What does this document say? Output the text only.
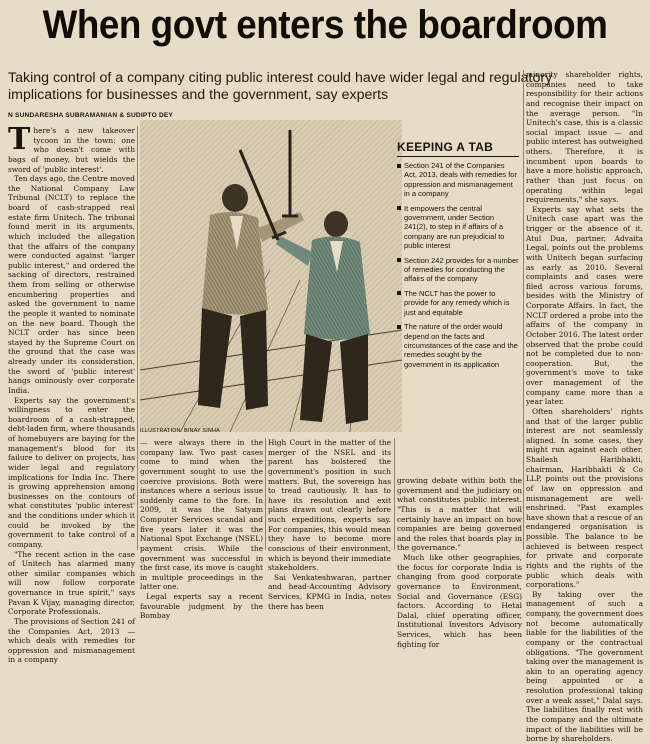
When govt enters the boardroom
Taking control of a company citing public interest could have wider legal and regulatory implications for businesses and the government, say experts
N SUNDARESHA SUBRAMANIAN & SUDIPTO DEY

There's a new takeover tycoon in the town: one who doesn't come with bags of money, but wields the sword of 'public interest'.

Ten days ago, the Centre moved the National Company Law Tribunal (NCLT) to replace the board of cash-strapped real estate firm Unitech. The tribunal found merit in its arguments, which included the allegation that the affairs of the company were conducted against "larger public interest," and ordered the sacking of directors, restrained them from selling or otherwise encumbering properties and asked the government to name the people it wanted to nominate on the new board. Though the NCLT order has since been stayed by the Supreme Court on the ground that the case was already under its consideration, the sword of 'public interest' hangs ominously over corporate India.

Experts say the government's willingness to enter the boardroom of a cash-strapped, debt-laden firm, where thousands of homebuyers are baying for the management's blood for its failure to deliver on projects, has wider legal and regulatory implications for India Inc. There is growing apprehension among businesses on the contours of what constitutes 'public interest' and the conditions under which it could be invoked by the government to take control of a company.

"The recent action in the case of Unitech has alarmed many other similar companies which will now follow corporate governance in true spirit," says Pavan K Vijay, managing director, Corporate Professionals.

The provisions of Section 241 of the Companies Act, 2013 — which deals with remedies for oppression and mismanagement in a company

ILLUSTRATION: BINAY SINHA
KEEPING A TAB
Section 241 of the Companies Act, 2013, deals with remedies for oppression and mismanagement in a company
It empowers the central government, under Section 241(2), to step in if affairs of a company are run prejudicial to public interest
Section 242 provides for a number of remedies for conducting the affairs of the company
The NCLT has the power to provide for any remedy which is just and equitable
The nature of the order would depend on the facts and circumstances of the case and the remedies sought by the government in its application

— were always there in the company law. Two past cases come to mind when the government sought to use the coercive provisions. Both were instances where a serious issue suddenly came to the fore. In 2009, it was the Satyam Computer Services scandal and five years later it was the National Spot Exchange (NSEL) payment crisis. While the government was successful in the first case, its move is caught in multiple proceedings in the latter one.

Legal experts say a recent favourable judgment by the Bombay

High Court in the matter of the merger of the NSEL and its parent has bolstered the government's position in such matters. But, the sovereign has to tread cautiously. It has to have its resolution and exit plans drawn out clearly before such expeditions, experts say. For companies, this would mean they have to become more conscious of their environment, which is beyond their immediate stakeholders.

Sai Venkateshwaran, partner and head-Accounting Advisory Services, KPMG in India, notes there has been

growing debate within both the government and the judiciary on what constitutes public interest. "This is a matter that will certainly have an impact on how companies are being governed and the roles that boards play in the governance."

Much like other geographies, the focus for corporate India is changing from good corporate governance to Environment, Social and Governance (ESG) factors. According to Hetal Dalal, chief operating officer, Institutional Investors Advisory Services, which has been fighting for

minority shareholder rights, companies need to take responsibility for their actions and recognise their impact on the average person. "In Unitech's case, this is a classic social impact issue — and public interest has outweighed others. Therefore, it is incumbent upon boards to have a more holistic approach, rather than just focus on operating within legal requirements," she says.

Experts say what sets the Unitech case apart was the trigger or the absence of it. Atul Dua, partner, Advaita Legal, points out the problems with Unitech began surfacing as early as 2010. Several complaints and cases were filed across various forums, besides with the Ministry of Corporate Affairs. In fact, the NCLT ordered a probe into the affairs of the company in October 2016. The latest order observed that the probe could not be completed due to non-cooperation. But, the government's move to take over management of the company came more than a year later.

Often shareholders' rights and that of the larger public interest are not seamlessly aligned. In some cases, they might run against each other. Shailesh Haribhakti, chairman, Haribhakti & Co LLP, points out the provisions of law on oppression and mismanagement are well-enshrined. "Past examples have shown that a rescue of an endangered organisation is possible. The balance to be achieved is between respect for private and corporate rights and the rights of the public which deals with corporations."

By taking over the management of such a company, the government does not become automatically liable for the liabilities of the company or the contractual obligations. "The government taking over the management is akin to an operating agency being appointed or a resolution professional taking over a weak asset," Dalal says. The liabilities finally rest with the company and the ultimate impact of the liabilities will be borne by shareholders.
